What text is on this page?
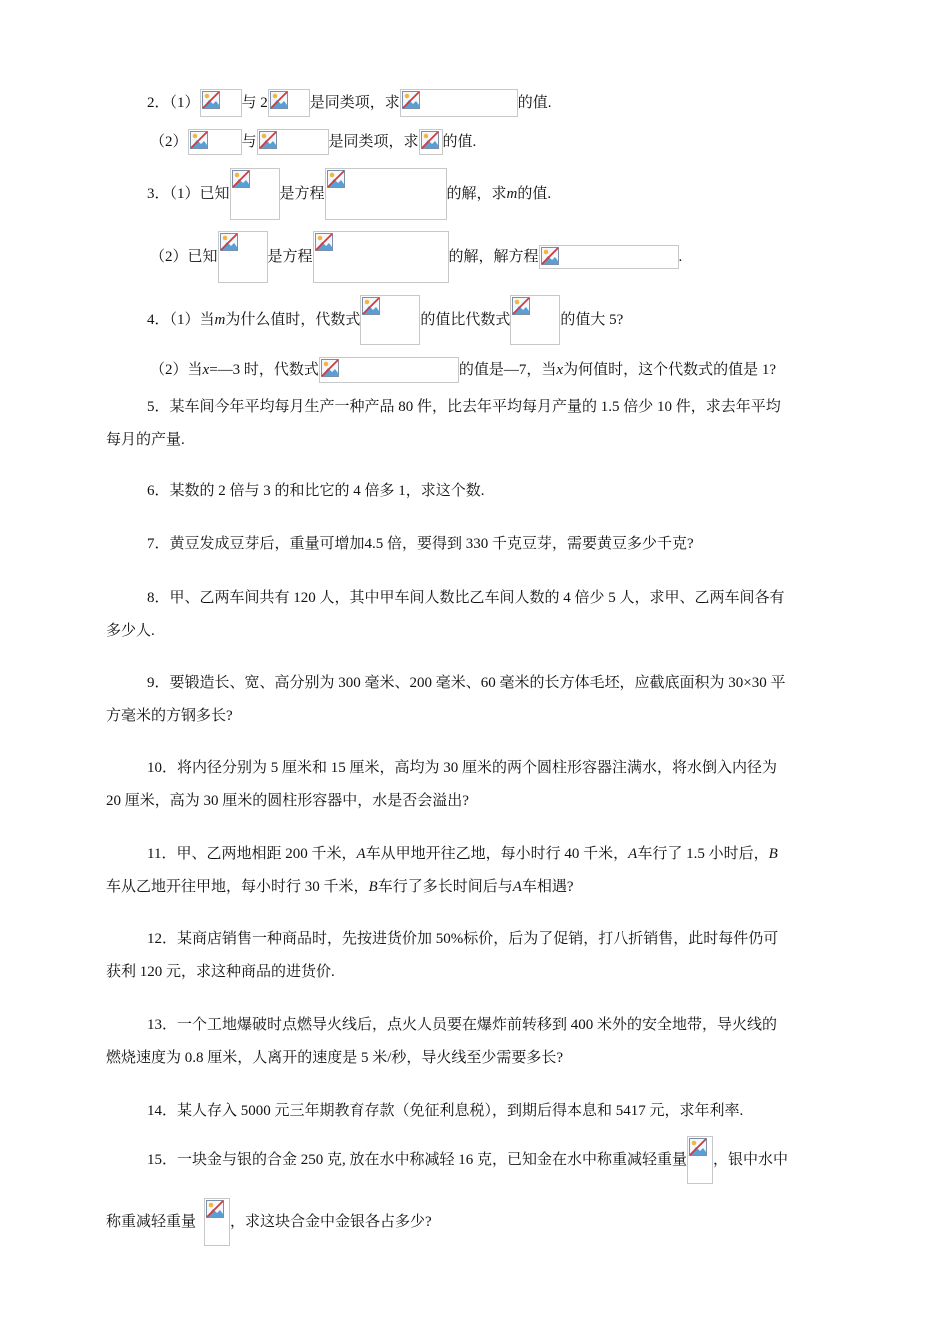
2．（1）	与 2	是同类项，求	的值.
（2）	与	是同类项，求 的值.
3．（1）已知	是方程	的解，求 m 的值.
（2）已知	是方程	的解，解方程	.
4．（1）当 m 为什么值时，代数式	的值比代数式	的值大 5?
（2）当 x =—3 时，代数式	的值是—7，当 x 为何值时，这个代数式的值是 1?
5．某车间今年平均每月生产一种产品 80 件，比去年平均每月产量的 1.5 倍少 10 件，求去年平均
每月的产量.
6．某数的 2 倍与 3 的和比它的 4 倍多 1，求这个数.
7．黄豆发成豆芽后，重量可增加4.5 倍，要得到 330 千克豆芽，需要黄豆多少千克?
8．甲、乙两车间共有 120 人，其中甲车间人数比乙车间人数的 4 倍少 5 人，求甲、乙两车间各有
多少人.
9．要锻造长、宽、高分别为 300 毫米、200 毫米、60 毫米的长方体毛坯，应截底面积为 30×30 平
方毫米的方钢多长?
10．将内径分别为 5 厘米和 15 厘米，高均为 30 厘米的两个圆柱形容器注满水，将水倒入内径为
20 厘米，高为 30 厘米的圆柱形容器中，水是否会溢出?
11．甲、乙两地相距 200 千米， A 车从甲地开往乙地，每小时行 40 千米， A 车行了 1.5 小时后， B
车从乙地开往甲地，每小时行 30 千米， B 车行了多长时间后与 A 车相遇?
12．某商店销售一种商品时，先按进货价加 50%标价，后为了促销，打八折销售，此时每件仍可
获利 120 元，求这种商品的进货价.
13．一个工地爆破时点燃导火线后，点火人员要在爆炸前转移到 400 米外的安全地带，导火线的
燃烧速度为 0.8 厘米，人离开的速度是 5 米/秒，导火线至少需要多长?
14．某人存入 5000 元三年期教育存款（免征利息税），到期后得本息和 5417 元，求年利率.
15．一块金与银的合金 250 克, 放在水中称减轻 16 克，已知金在水中称重减轻重量 ，银中水中
称重减轻重量 ，求这块合金中金银各占多少?
